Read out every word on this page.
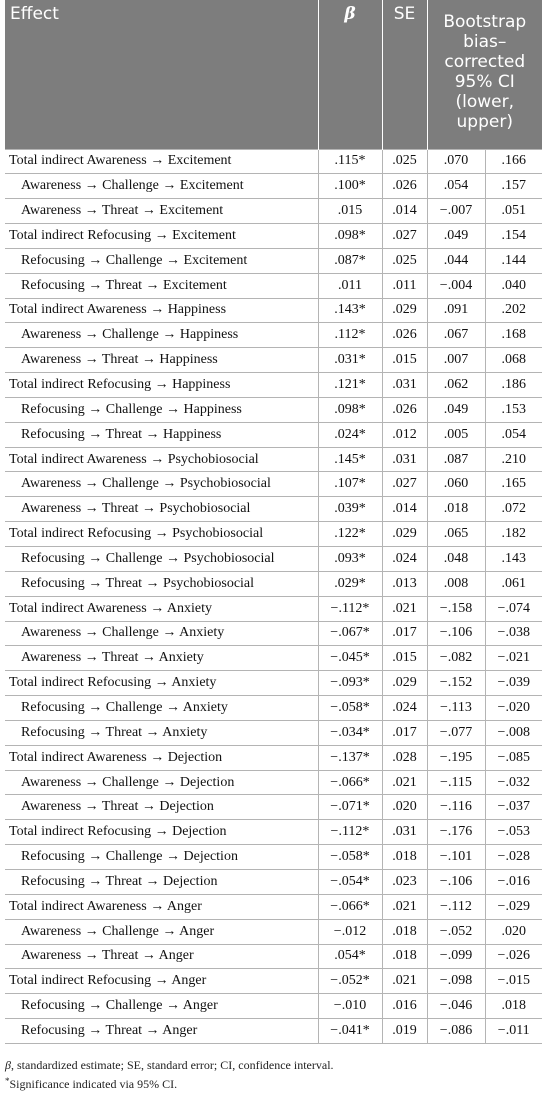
Effect	β	SE	Bootstrap bias–corrected 95% CI (lower, upper)	
Total indirect Awareness → Excitement	.115*	.025	.070	.166
Awareness → Challenge → Excitement	.100*	.026	.054	.157
Awareness → Threat → Excitement	.015	.014	−.007	.051
Total indirect Refocusing → Excitement	.098*	.027	.049	.154
Refocusing → Challenge → Excitement	.087*	.025	.044	.144
Refocusing → Threat → Excitement	.011	.011	−.004	.040
Total indirect Awareness → Happiness	.143*	.029	.091	.202
Awareness → Challenge → Happiness	.112*	.026	.067	.168
Awareness → Threat → Happiness	.031*	.015	.007	.068
Total indirect Refocusing → Happiness	.121*	.031	.062	.186
Refocusing → Challenge → Happiness	.098*	.026	.049	.153
Refocusing → Threat → Happiness	.024*	.012	.005	.054
Total indirect Awareness → Psychobiosocial	.145*	.031	.087	.210
Awareness → Challenge → Psychobiosocial	.107*	.027	.060	.165
Awareness → Threat → Psychobiosocial	.039*	.014	.018	.072
Total indirect Refocusing → Psychobiosocial	.122*	.029	.065	.182
Refocusing → Challenge → Psychobiosocial	.093*	.024	.048	.143
Refocusing → Threat → Psychobiosocial	.029*	.013	.008	.061
Total indirect Awareness → Anxiety	−.112*	.021	−.158	−.074
Awareness → Challenge → Anxiety	−.067*	.017	−.106	−.038
Awareness → Threat → Anxiety	−.045*	.015	−.082	−.021
Total indirect Refocusing → Anxiety	−.093*	.029	−.152	−.039
Refocusing → Challenge → Anxiety	−.058*	.024	−.113	−.020
Refocusing → Threat → Anxiety	−.034*	.017	−.077	−.008
Total indirect Awareness → Dejection	−.137*	.028	−.195	−.085
Awareness → Challenge → Dejection	−.066*	.021	−.115	−.032
Awareness → Threat → Dejection	−.071*	.020	−.116	−.037
Total indirect Refocusing → Dejection	−.112*	.031	−.176	−.053
Refocusing → Challenge → Dejection	−.058*	.018	−.101	−.028
Refocusing → Threat → Dejection	−.054*	.023	−.106	−.016
Total indirect Awareness → Anger	−.066*	.021	−.112	−.029
Awareness → Challenge → Anger	−.012	.018	−.052	.020
Awareness → Threat → Anger	.054*	.018	−.099	−.026
Total indirect Refocusing → Anger	−.052*	.021	−.098	−.015
Refocusing → Challenge → Anger	−.010	.016	−.046	.018
Refocusing → Threat → Anger	−.041*	.019	−.086	−.011
β, standardized estimate; SE, standard error; CI, confidence interval.
*Significance indicated via 95% CI.
